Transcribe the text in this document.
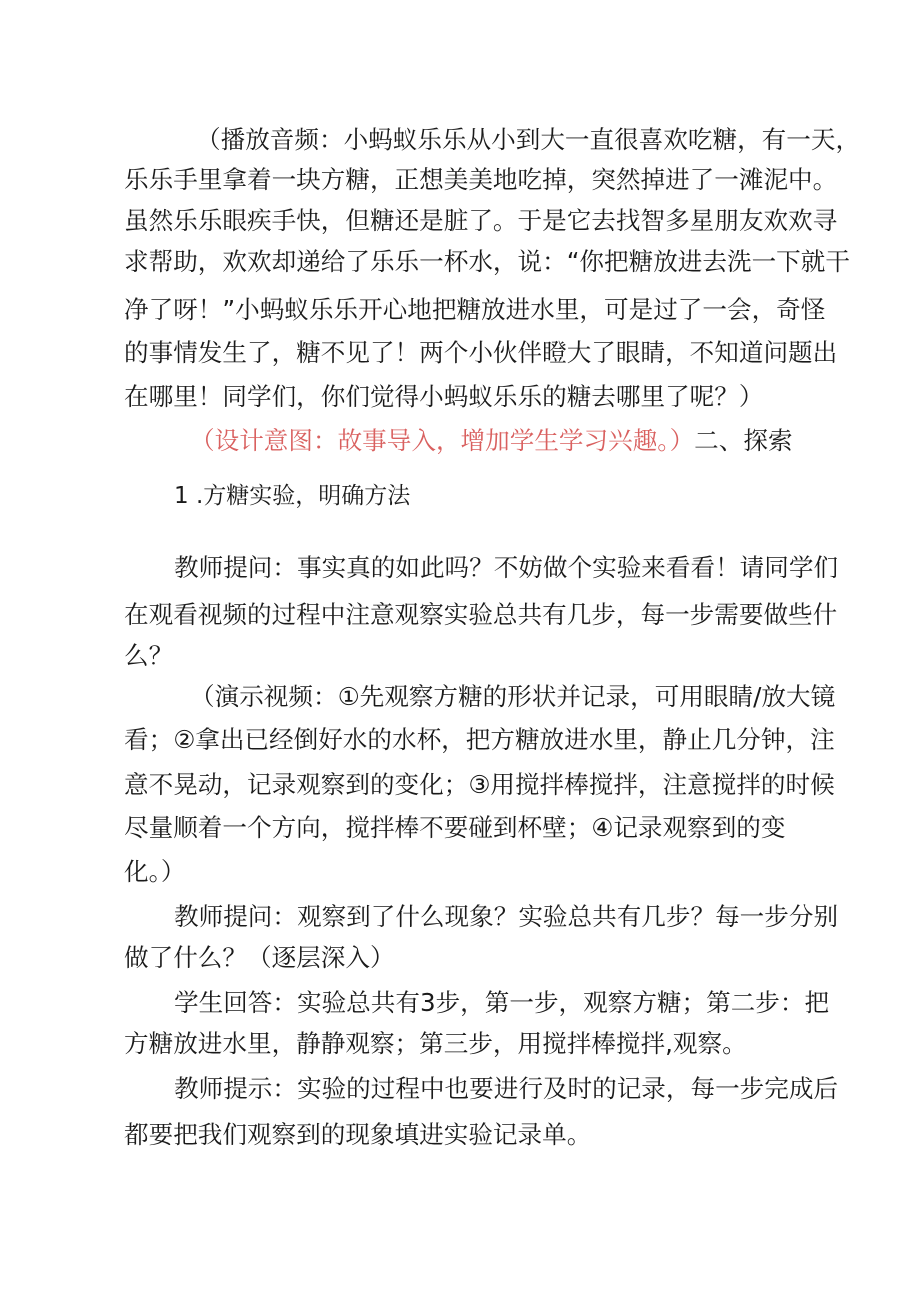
（播放音频：小蚂蚁乐乐从小到大一直很喜欢吃糖，有一天，
乐乐手里拿着一块方糖，正想美美地吃掉，突然掉进了一滩泥中。
虽然乐乐眼疾手快，但糖还是脏了。于是它去找智多星朋友欢欢寻
求帮助，欢欢却递给了乐乐一杯水，说：“你把糖放进去洗一下就干
净了呀！”小蚂蚁乐乐开心地把糖放进水里，可是过了一会，奇怪
的事情发生了，糖不见了！两个小伙伴瞪大了眼睛，不知道问题出
在哪里！同学们，你们觉得小蚂蚁乐乐的糖去哪里了呢？）
（设计意图：故事导入，增加学生学习兴趣。）二、探索
1 .方糖实验，明确方法
教师提问：事实真的如此吗？不妨做个实验来看看！请同学们
在观看视频的过程中注意观察实验总共有几步，每一步需要做些什
么？
（演示视频：①先观察方糖的形状并记录，可用眼睛/放大镜
看；②拿出已经倒好水的水杯，把方糖放进水里，静止几分钟，注
意不晃动，记录观察到的变化；③用搅拌棒搅拌，注意搅拌的时候
尽量顺着一个方向，搅拌棒不要碰到杯壁；④记录观察到的变
化。）
教师提问：观察到了什么现象？实验总共有几步？每一步分别
做了什么？（逐层深入）
学生回答：实验总共有3步，第一步，观察方糖；第二步：把
方糖放进水里，静静观察；第三步，用搅拌棒搅拌,观察。
教师提示：实验的过程中也要进行及时的记录，每一步完成后
都要把我们观察到的现象填进实验记录单。
